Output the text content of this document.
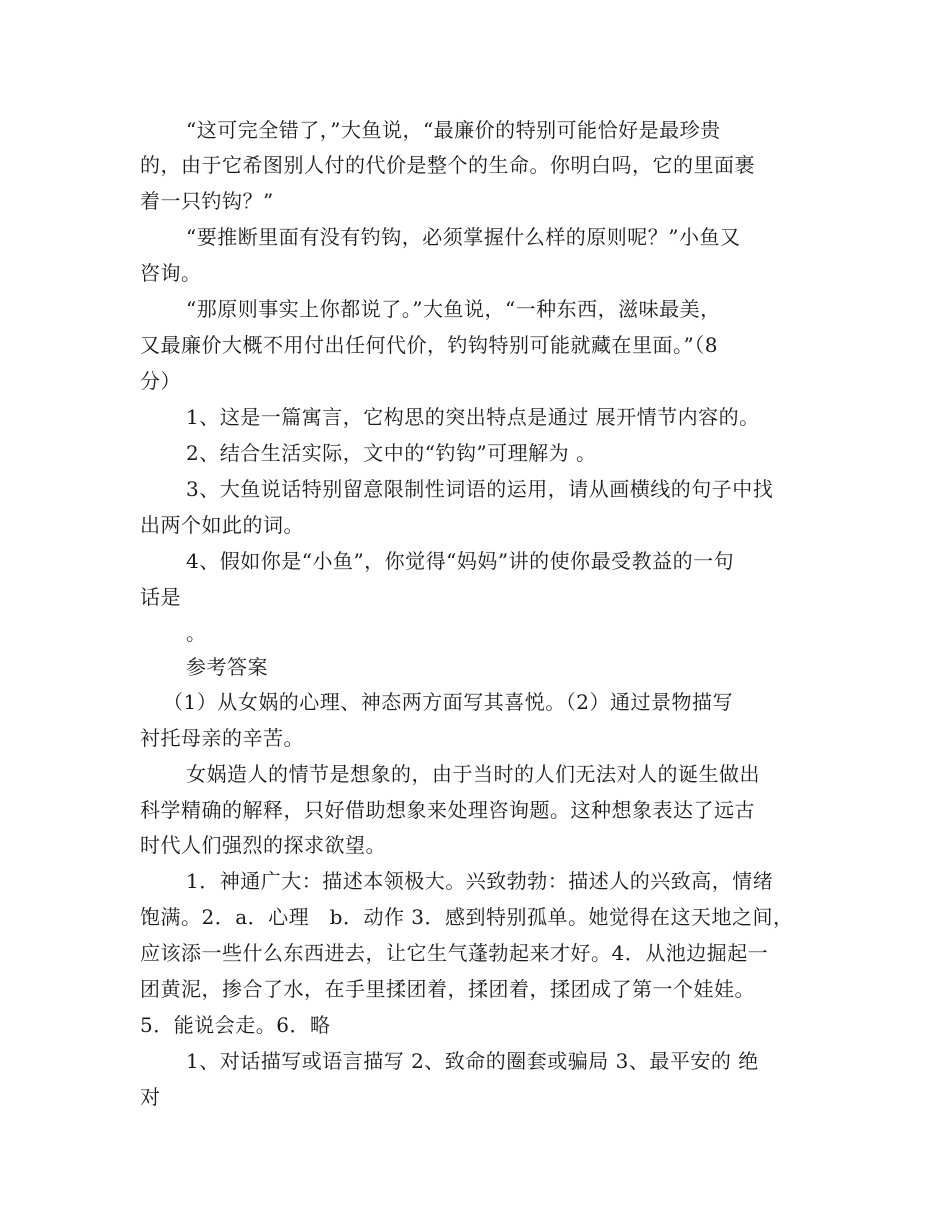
“这可完全错了，”大鱼说，“最廉价的特别可能恰好是最珍贵
的，由于它希图别人付的代价是整个的生命。你明白吗，它的里面裹
着一只钓钩？”
“要推断里面有没有钓钩，必须掌握什么样的原则呢？”小鱼又
咨询。
“那原则事实上你都说了。”大鱼说，“一种东西，滋味最美，
又最廉价大概不用付出任何代价，钓钩特别可能就藏在里面。”（8
分）
1、这是一篇寓言，它构思的突出特点是通过 展开情节内容的。
2、结合生活实际，文中的“钓钩”可理解为 。
3、大鱼说话特别留意限制性词语的运用，请从画横线的句子中找
出两个如此的词。
4、假如你是“小鱼”，你觉得“妈妈”讲的使你最受教益的一句
话是
。
参考答案
（1）从女娲的心理、神态两方面写其喜悦。（2）通过景物描写
衬托母亲的辛苦。
女娲造人的情节是想象的，由于当时的人们无法对人的诞生做出
科学精确的解释，只好借助想象来处理咨询题。这种想象表达了远古
时代人们强烈的探求欲望。
1．神通广大：描述本领极大。兴致勃勃：描述人的兴致高，情绪
饱满。2．a．心理　b．动作 3．感到特别孤单。她觉得在这天地之间，
应该添一些什么东西进去，让它生气蓬勃起来才好。4．从池边掘起一
团黄泥，掺合了水，在手里揉团着，揉团着，揉团成了第一个娃娃。
5．能说会走。6．略
1、对话描写或语言描写 2、致命的圈套或骗局 3、最平安的 绝
对
